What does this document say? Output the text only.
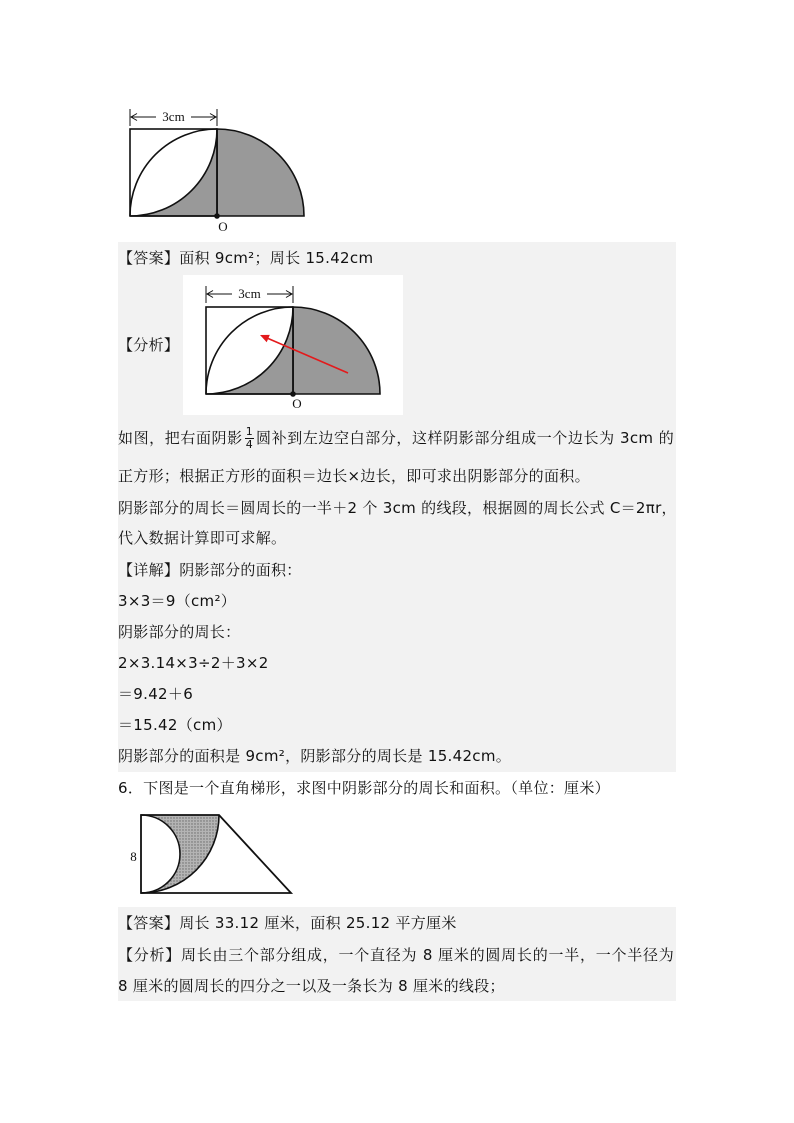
O
3cm
【答案】面积 9cm²；周长 15.42cm
【分析】
O
3cm
如图，把右面阴影 $\frac{1}{4}$ 圆补到左边空白部分，这样阴影部分组成一个边长为 3cm 的
正方形；根据正方形的面积＝边长×边长，即可求出阴影部分的面积。
阴影部分的周长＝圆周长的一半＋2 个 3cm 的线段，根据圆的周长公式 C＝2πr，
代入数据计算即可求解。
【详解】阴影部分的面积：
3×3＝9（cm²）
阴影部分的周长：
2×3.14×3÷2＋3×2
＝9.42＋6
＝15.42（cm）
阴影部分的面积是 9cm²，阴影部分的周长是 15.42cm。
6．下图是一个直角梯形，求图中阴影部分的周长和面积。（单位：厘米）
8
【答案】周长 33.12 厘米，面积 25.12 平方厘米
【分析】周长由三个部分组成，一个直径为 8 厘米的圆周长的一半，一个半径为
8 厘米的圆周长的四分之一以及一条长为 8 厘米的线段；
